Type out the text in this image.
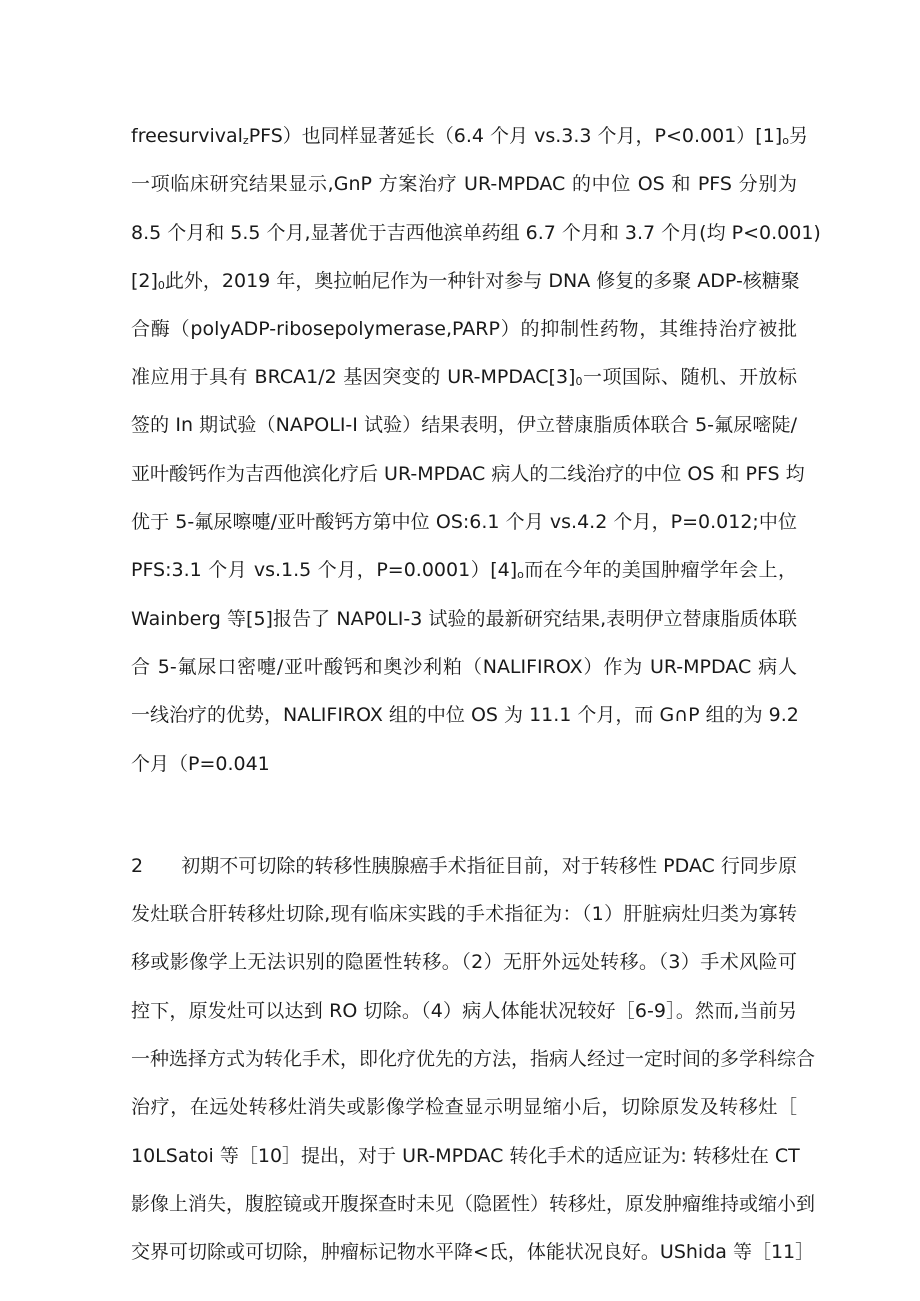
freesurvival$_z$PFS）也同样显著延长（6.4 个月 vs.3.3 个月，$P<0.001)[1]_o$另
一项临床研究结果显示,GnP 方案治疗 UR-MPDAC 的中位 OS 和 PFS 分别为
8.5 个月和 5.5 个月,显著优于吉西他滨单药组 6.7 个月和 3.7 个月(均 P<0.001)
$[2]_0$此外，2019 年，奥拉帕尼作为一种针对参与 DNA 修复的多聚 ADP-核糖聚
合酶（polyADP-ribosepolymerase,PARP）的抑制性药物，其维持治疗被批
准应用于具有 BRCA1/2 基因突变的 $UR-MPDAC[3]_0$一项国际、随机、开放标
签的 In 期试验（NAPOLI-I 试验）结果表明，伊立替康脂质体联合 5-氟尿嘧陡/
亚叶酸钙作为吉西他滨化疗后 UR-MPDAC 病人的二线治疗的中位 OS 和 PFS 均
优于 5-氟尿嚓嚏/亚叶酸钙方第中位 OS:6.1 个月 vs.4.2 个月，P=0.012;中位
PFS:3.1 个月 vs.1.5 个月，$P=0.0001)[4]_o$而在今年的美国肿瘤学年会上，
Wainberg 等[5]报告了 NAP0LI-3 试验的最新研究结果,表明伊立替康脂质体联
合 5-氟尿口密嚏/亚叶酸钙和奥沙利粕（NALIFIROX）作为 UR-MPDAC 病人
一线治疗的优势，NALIFIROX 组的中位 OS 为 11.1 个月，而 G∩P 组的为 9.2
个月（P=0.041
2　　初期不可切除的转移性胰腺癌手术指征目前，对于转移性 PDAC 行同步原
发灶联合肝转移灶切除,现有临床实践的手术指征为：（1）肝脏病灶归类为寡转
移或影像学上无法识别的隐匿性转移。（2）无肝外远处转移。（3）手术风险可
控下，原发灶可以达到 RO 切除。（4）病人体能状况较好［6-9］。然而,当前另
一种选择方式为转化手术，即化疗优先的方法，指病人经过一定时间的多学科综合
治疗，在远处转移灶消失或影像学检查显示明显缩小后，切除原发及转移灶［
10LSatoi 等［10］提出，对于 UR-MPDAC 转化手术的适应证为: 转移灶在 CT
影像上消失，腹腔镜或开腹探查时未见（隐匿性）转移灶，原发肿瘤维持或缩小到
交界可切除或可切除，肿瘤标记物水平降<氐，体能状况良好。UShida 等［11］
